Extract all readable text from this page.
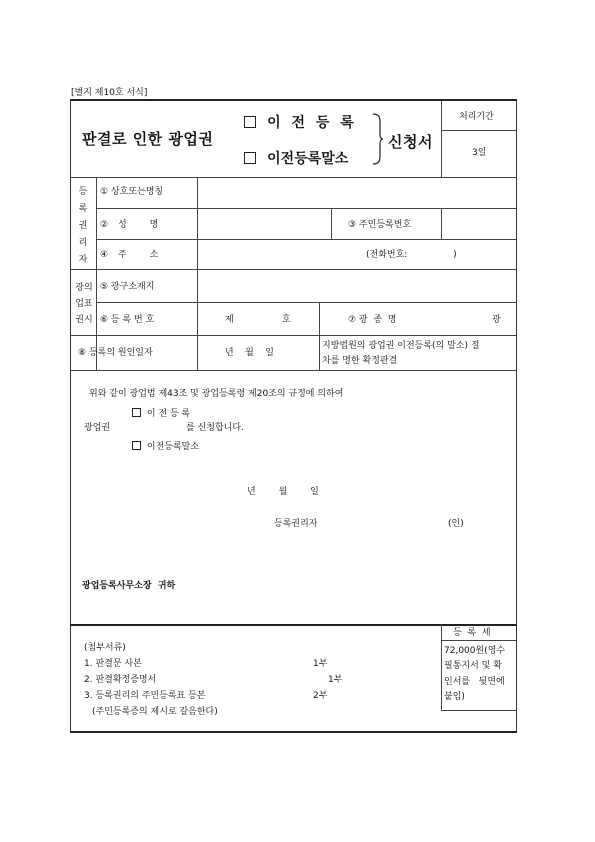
[별지 제10호 서식]
판결로 인한 광업권
이 전 등 록
이전등록말소
신청서
처리기간
3일
등
록
권
리
자
① 상호또는명칭
② 성        명	③ 주민등록번호
④ 주        소	(전화번호:                )
광의
업표
권시
⑤ 광구소재지
⑥ 등 록 번 호	제	호	⑦ 광  종  명	광
⑧ 등록의 원인일자	년    월    일
지방법원의 광업권 이전등록(의 말소) 절
차를 명한 확정판결
위와 같이 광업법 제43조 및 광업등록령 제20조의 규정에 의하여
이 전 등 록
광업권	를 신청합니다.
이전등록말소
년        월        일
등록권리자	(인)
광업등록사무소장  귀하
(첨부서류)
1. 판결문 사본	1부
2. 판결확정증명서	1부
3. 등록권리의 주민등록표 등본	2부
(주민등록증의 제시로 갈음한다)
등  록  세
72,000원(영수
필통지서 및 확
인서를   뒷면에
붙임)
